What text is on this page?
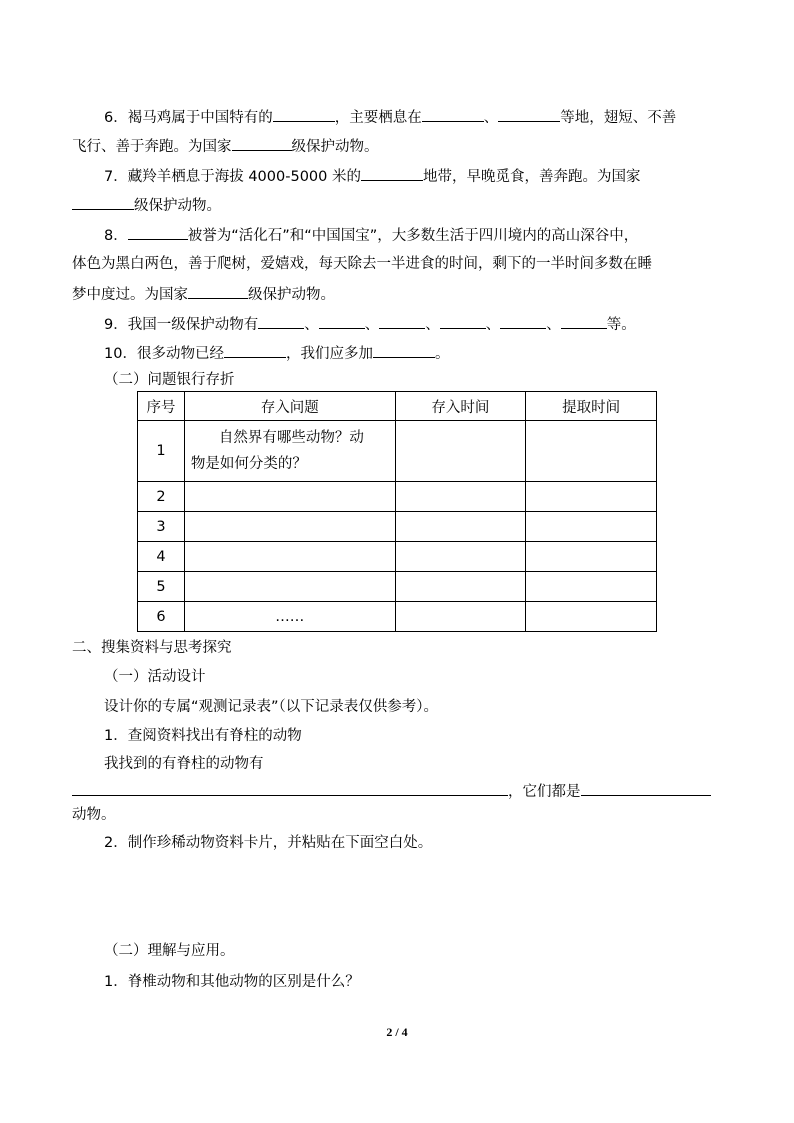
6．褐马鸡属于中国特有的	，主要栖息在	、	等地，翅短、不善
飞行、善于奔跑。为国家	级保护动物。
7．藏羚羊栖息于海拔 4000-5000 米的	地带，早晚觅食，善奔跑。为国家
级保护动物。
8．	被誉为“活化石”和“中国国宝”，大多数生活于四川境内的高山深谷中，
体色为黑白两色，善于爬树，爱嬉戏，每天除去一半进食的时间，剩下的一半时间多数在睡
梦中度过。为国家	级保护动物。
9．我国一级保护动物有	、	、	、	、	、	等。
10．很多动物已经	，我们应多加	。
（二）问题银行存折
序号	存入问题	存入时间	提取时间
1	自然界有哪些动物？动
物是如何分类的？		

2			
3			
4			
5			
6	……		
二、搜集资料与思考探究
（一）活动设计
设计你的专属“观测记录表”（以下记录表仅供参考）。
1．查阅资料找出有脊柱的动物
我找到的有脊柱的动物有
，它们都是
动物。
2．制作珍稀动物资料卡片，并粘贴在下面空白处。
（二）理解与应用。
1．脊椎动物和其他动物的区别是什么？
2 / 4
